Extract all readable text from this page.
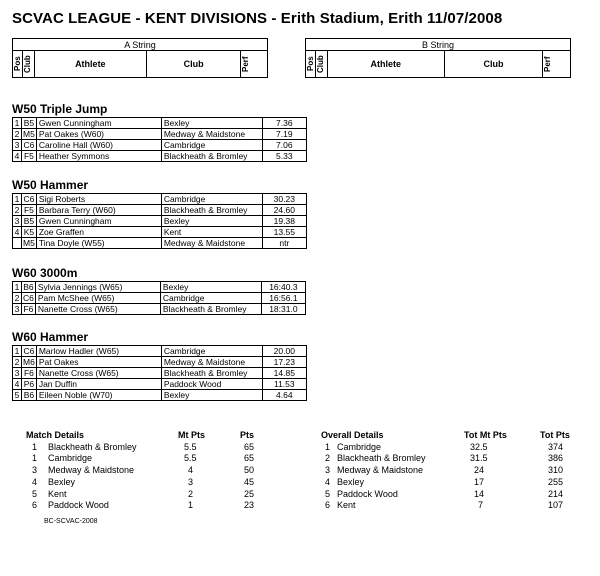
SCVAC LEAGUE - KENT DIVISIONS - Erith Stadium, Erith 11/07/2008
A String

Pos	Club	Athlete	Club	Perf
B String

Pos	Club	Athlete	Club	Perf
W50 Triple Jump
1	B5	Gwen Cunningham	Bexley	7.36
2	M5	Pat Oakes (W60)	Medway & Maidstone	7.19
3	C6	Caroline Hall (W60)	Cambridge	7.06
4	F5	Heather Symmons	Blackheath & Bromley	5.33
W50 Hammer
1	C6	Sigi Roberts	Cambridge	30.23
2	F5	Barbara Terry (W60)	Blackheath & Bromley	24.60
3	B5	Gwen Cunningham	Bexley	19.38
4	K5	Zoe Graffen	Kent	13.55
	M5	Tina Doyle (W55)	Medway & Maidstone	ntr
W60 3000m
1	B6	Sylvia Jennings (W65)	Bexley	16:40.3
2	C6	Pam McShee (W65)	Cambridge	16:56.1
3	F6	Nanette Cross (W65)	Blackheath & Bromley	18:31.0
W60 Hammer
1	C6	Marlow Hadler (W65)	Cambridge	20.00
2	M6	Pat Oakes	Medway & Maidstone	17.23
3	F6	Nanette Cross (W65)	Blackheath & Bromley	14.85
4	P6	Jan Duffin	Paddock Wood	11.53
5	B6	Eileen Noble (W70)	Bexley	4.64
Match Details		Mt Pts	Pts
1	Blackheath & Bromley	5.5	65
1	Cambridge	5.5	65
3	Medway & Maidstone	4	50
4	Bexley	3	45
5	Kent	2	25
6	Paddock Wood	1	23
Overall Details		Tot Mt Pts	Tot Pts
1	Cambridge	32.5	374
2	Blackheath & Bromley	31.5	386
3	Medway & Maidstone	24	310
4	Bexley	17	255
5	Paddock Wood	14	214
6	Kent	7	107
BC-SCVAC-2008
